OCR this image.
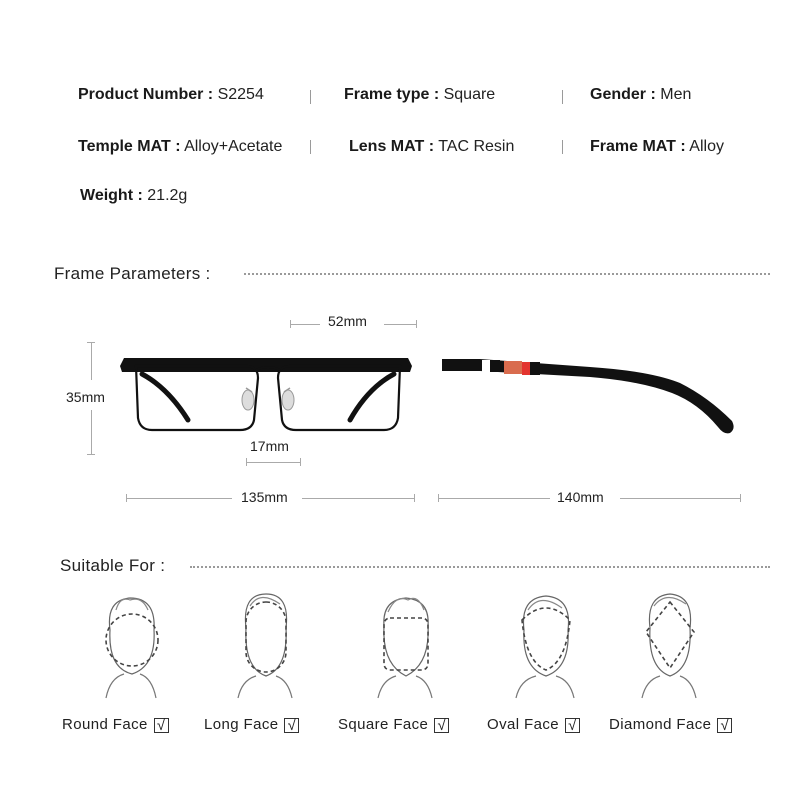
Product Number : S2254	Frame type : Square	Gender : Men
Temple MAT : Alloy+Acetate	Lens MAT : TAC Resin	Frame MAT : Alloy
Weight : 21.2g
Frame Parameters :
52mm
35mm
17mm
135mm	140mm
Suitable For :
Round Face √	Long Face √	Square Face √	Oval Face √ Diamond Face √
